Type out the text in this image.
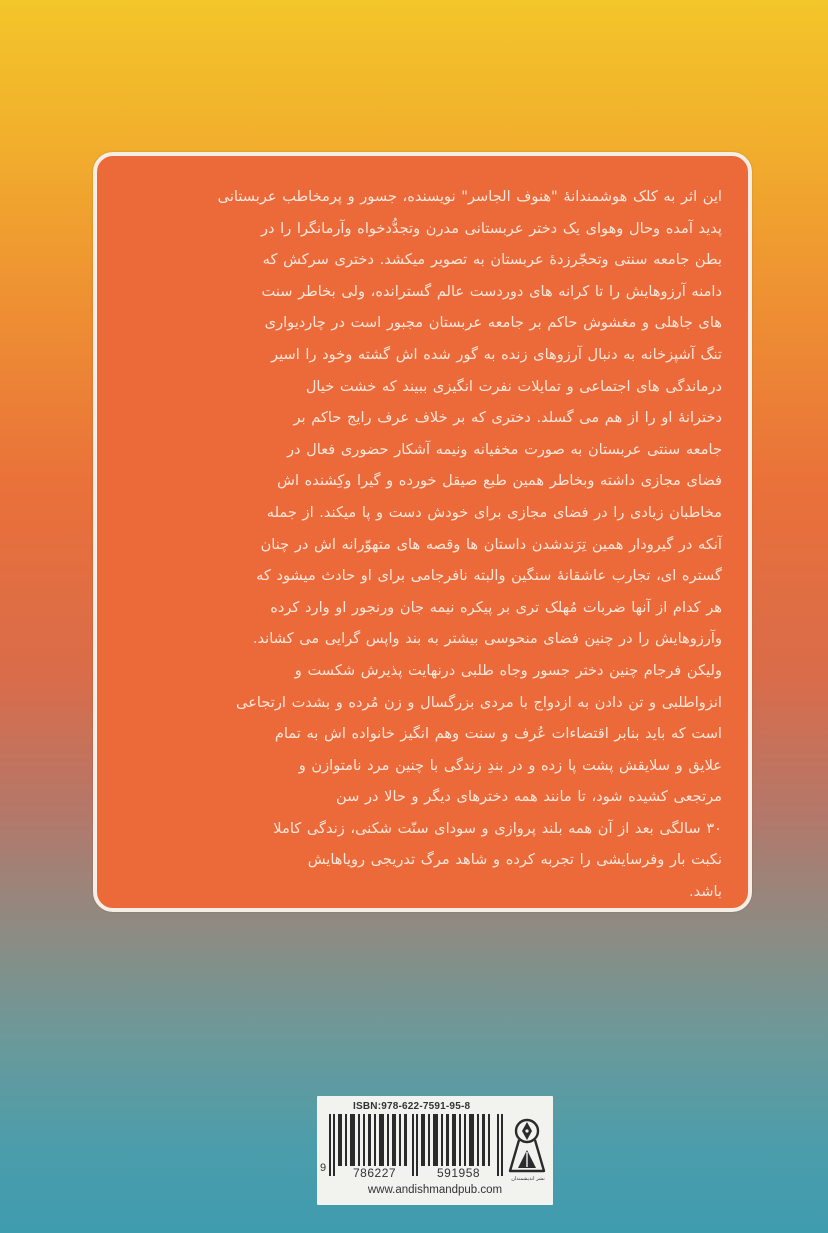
این اثر به کلک هوشمندانهٔ "هنوف الجاسر" نویسنده، جسور و پرمخاطب عربستانی

پدید آمده وحال وهوای یک دختر عربستانی مدرن وتجدُّدخواه وآرمانگرا را در

بطن جامعه سنتی وتحجّرزدهٔ عربستان به تصویر میکشد. دختری سرکش که

دامنه آرزوهایش را تا کرانه های دوردست عالم گسترانده، ولی بخاطر سنت

های جاهلی و مغشوش حاکم بر جامعه عربستان مجبور است در چاردیواری

تنگ آشپزخانه به دنبال آرزوهای زنده به گور شده اش گشته وخود را اسیر

درماندگی های اجتماعی و تمایلات نفرت انگیزی ببیند که خشت خیال

دخترانهٔ او را از هم می گسلد. دختری که بر خلاف عرف رایج حاکم بر

جامعه سنتی عربستان به صورت مخفیانه ونیمه آشکار حضوری فعال در

فضای مجازی داشته وبخاطر همین طبع صیقل خورده و گیرا وکِشنده اش

مخاطبان زیادی را در فضای مجازی برای خودش دست و پا میکند. از جمله

آنکه در گیرودار همین تِرَندشدن داستان ها وقصه های متهوّرانه اش در چنان

گستره ای، تجارب عاشقانهٔ سنگین والبته نافرجامی برای او حادث میشود که

هر کدام از آنها ضربات مُهلک تری بر پیکره نیمه جان ورنجور او وارد کرده

وآرزوهایش را در چنین فضای منحوسی بیشتر به بند واپس گرایی می کشاند.

ولیکن فرجام چنین دختر جسور وجاه طلبی درنهایت پذیرش شکست و

انزواطلبی و تن دادن به ازدواج با مردی بزرگسال و زن مُرده و بشدت ارتجاعی

است که باید بنابر اقتضاءات عُرف و سنت وهم انگیز خانواده اش به تمام

علایق و سلایقش پشت پا زده و در بندِ زندگی با چنین مرد نامتوازن و

مرتجعی کشیده شود، تا مانند همه دخترهای دیگر و حالا در سن

۳۰ سالگی بعد از آن همه بلند پروازی و سودای سنّت شکنی، زندگی کاملا

نکبت بار وفرسایشی را تجربه کرده و شاهد مرگ تدریجی رویاهایش

باشد.

ISBN:978-622-7591-95-8
9 786227	591958	نشر اندیشمندان
www.andishmandpub.com
